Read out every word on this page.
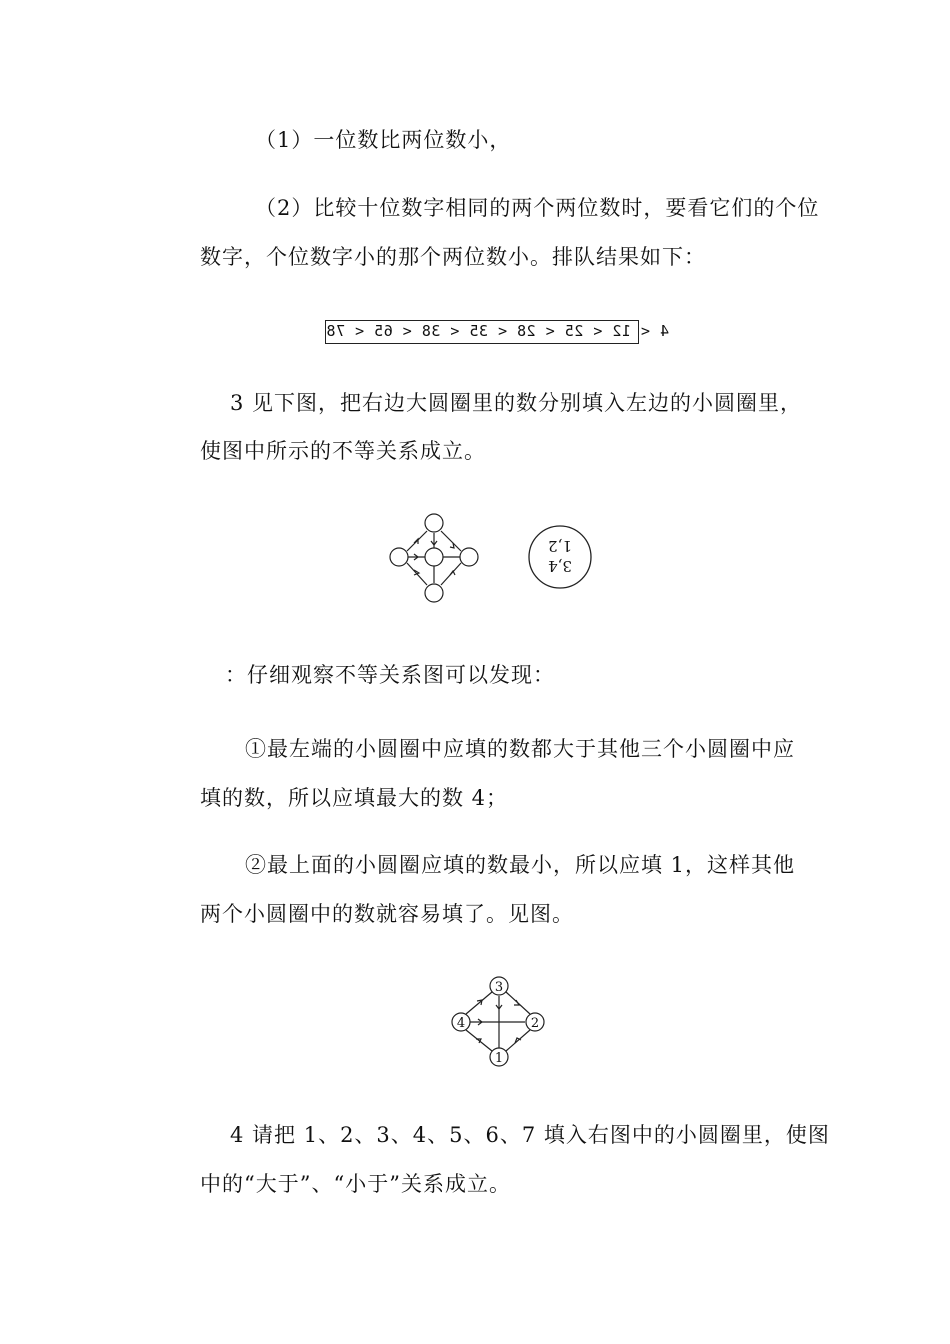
（1）一位数比两位数小，
（2）比较十位数字相同的两个两位数时，要看它们的个位
数字，个位数字小的那个两位数小。排队结果如下：
4 < 12 < 25 < 28 < 35 < 38 < 65 < 78
3 见下图，把右边大圆圈里的数分别填入左边的小圆圈里，
使图中所示的不等关系成立。
3,4
1,2
：仔细观察不等关系图可以发现：
①最左端的小圆圈中应填的数都大于其他三个小圆圈中应
填的数，所以应填最大的数 4；
②最上面的小圆圈应填的数最小，所以应填 1，这样其他
两个小圆圈中的数就容易填了。见图。
3
4	2
1
4 请把 1、2、3、4、5、6、7 填入右图中的小圆圈里，使图
中的“大于”、“小于”关系成立。
